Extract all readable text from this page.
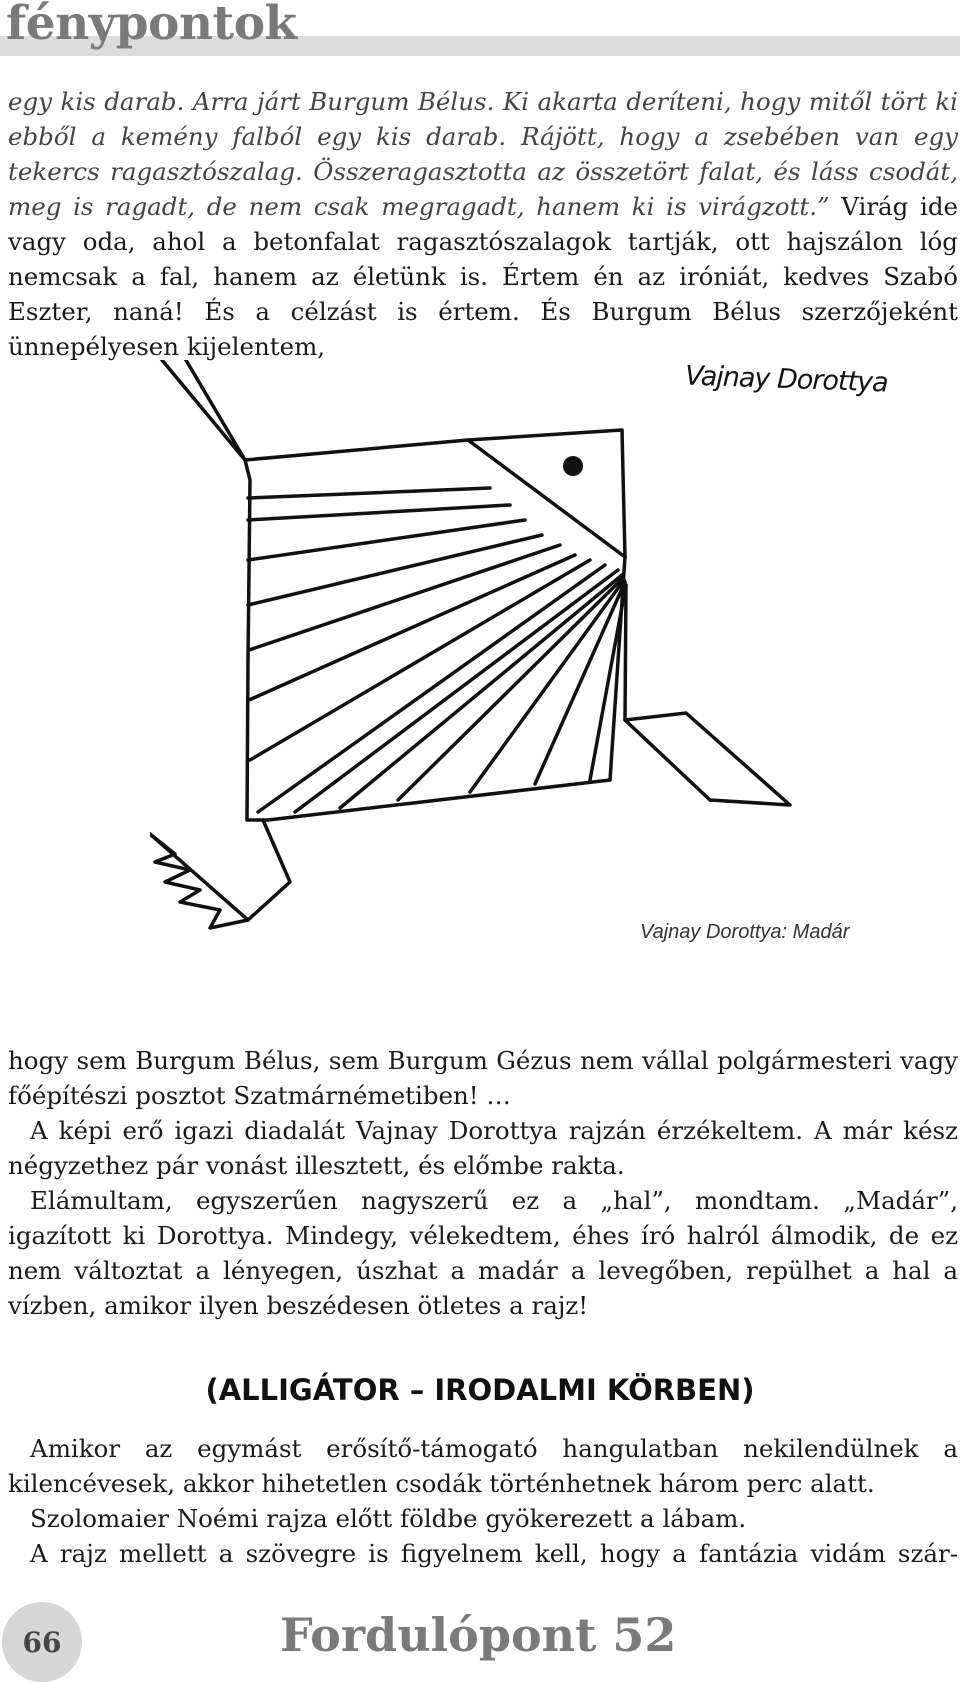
fénypontok

egy kis darab. Arra járt Burgum Bélus. Ki akarta deríteni, hogy mitől tört ki ebből a kemény falból egy kis darab. Rájött, hogy a zsebében van egy tekercs ragasztószalag. Összeragasztotta az összetört falat, és láss csodát, meg is ragadt, de nem csak megragadt, hanem ki is virágzott.” Virág ide vagy oda, ahol a betonfalat ragasztószalagok tartják, ott hajszálon lóg nemcsak a fal, hanem az életünk is. Értem én az iróniát, kedves Szabó Eszter, naná! És a célzást is értem. És Burgum Bélus szerzőjeként ünnepélyesen kijelentem,

Vajnay Dorottya
Vajnay Dorottya: Madár

hogy sem Burgum Bélus, sem Burgum Gézus nem vállal polgármesteri vagy főépítészi posztot Szatmárnémetiben! …

A képi erő igazi diadalát Vajnay Dorottya rajzán érzékeltem. A már kész négyzethez pár vonást illesztett, és előmbe rakta.

Elámultam, egyszerűen nagyszerű ez a „hal”, mondtam. „Madár”, igazított ki Dorottya. Mindegy, vélekedtem, éhes író halról álmodik, de ez nem változtat a lényegen, úszhat a madár a levegőben, repülhet a hal a vízben, amikor ilyen beszédesen ötletes a rajz!

(ALLIGÁTOR – IRODALMI KÖRBEN)

Amikor az egymást erősítő-támogató hangulatban nekilendülnek a kilencévesek, akkor hihetetlen csodák történhetnek három perc alatt.

Szolomaier Noémi rajza előtt földbe gyökerezett a lábam.

A rajz mellett a szövegre is figyelnem kell, hogy a fantázia vidám szár-

66	Fordulópont 52
